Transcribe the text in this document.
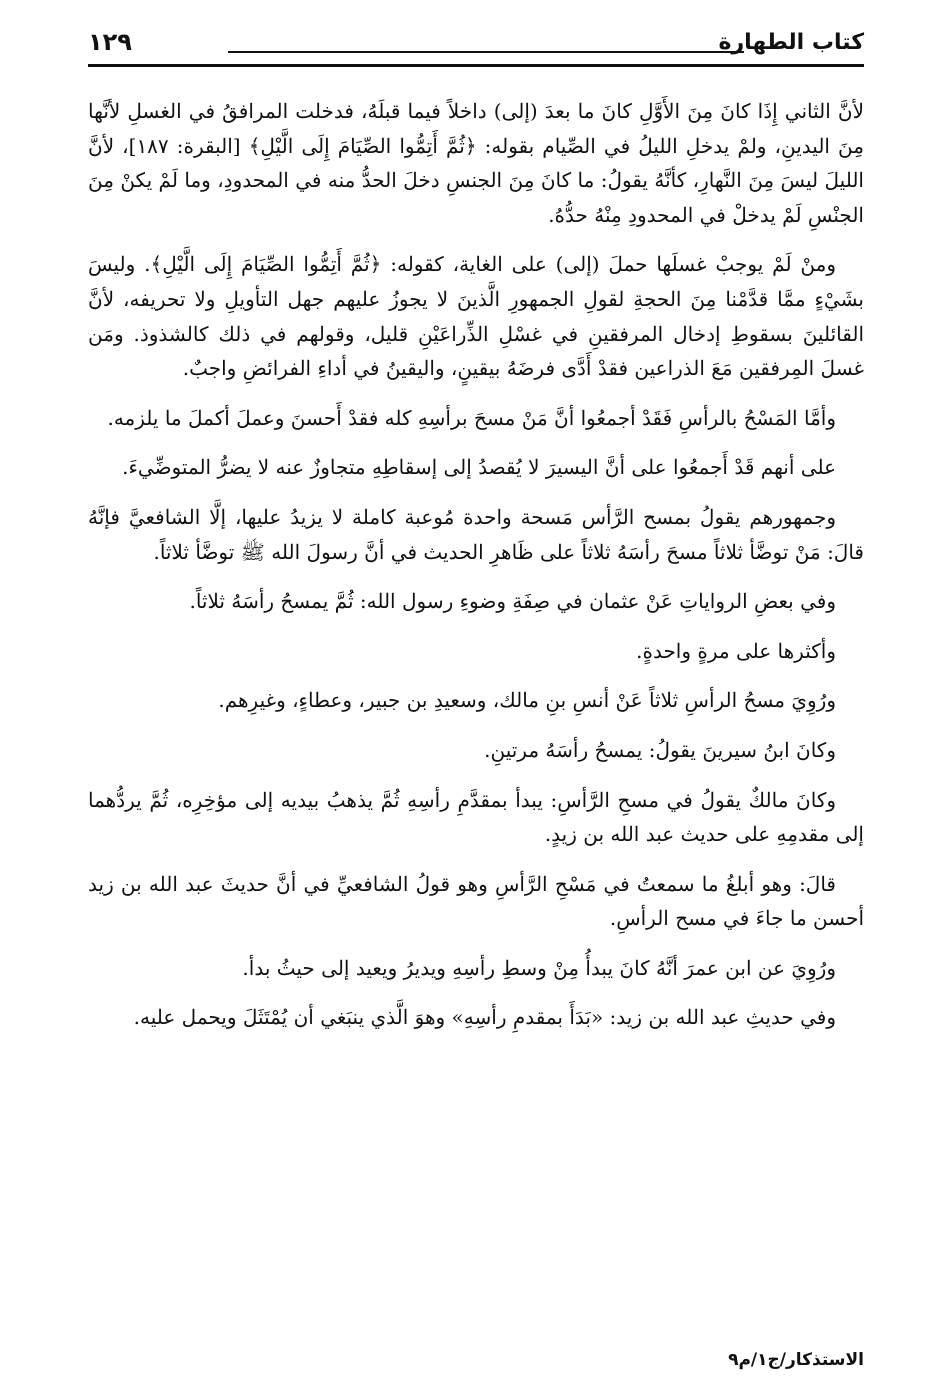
كتاب الطهارة
١٢٩

لأنَّ الثاني إِذَا كانَ مِنَ الأَوَّلِ كانَ ما بعدَ (إلى) داخلاً فيما قبلَهُ، فدخلت المرافقُ في الغسلِ لأنَّها مِنَ اليدينِ، ولمْ يدخلِ الليلُ في الصِّيام بقوله: ﴿ثُمَّ أَتِمُّوا الصِّيَامَ إِلَى الَّيْلِ﴾ [البقرة: ١٨٧]، لأنَّ الليلَ ليسَ مِنَ النَّهارِ، كأنَّهُ يقولُ: ما كانَ مِنَ الجنسِ دخلَ الحدُّ منه في المحدودِ، وما لَمْ يكنْ مِنَ الجنْسِ لَمْ يدخلْ في المحدودِ مِنْهُ حدُّهُ.

ومنْ لَمْ يوجبْ غسلَها حملَ (إلى) على الغاية، كقوله: ﴿ثُمَّ أَتِمُّوا الصِّيَامَ إِلَى الَّيْلِ﴾. وليسَ بشَيْءٍ ممَّا قدَّمْنا مِنَ الحجةِ لقولِ الجمهورِ الَّذينَ لا يجوزُ عليهم جهل التأويلِ ولا تحريفه، لأنَّ القائلينَ بسقوطِ إدخال المرفقينِ في غسْلِ الذِّراعَيْنِ قليل، وقولهم في ذلك كالشذوذ. ومَن غسلَ المِرفقين مَعَ الذراعين فقدْ أَدَّى فرضَهُ بيقينٍ، واليقينُ في أداءِ الفرائضِ واجبٌ.

وأمَّا المَسْحُ بالرأسِ فَقَدْ أجمعُوا أنَّ مَنْ مسحَ برأسِهِ كله فقدْ أَحسنَ وعملَ أكملَ ما يلزمه.

على أنهم قَدْ أَجمعُوا على أنَّ اليسيرَ لا يُقصدُ إلى إسقاطِهِ متجاوزٌ عنه لا يضرُّ المتوضِّيءَ.

وجمهورهم يقولُ بمسح الرَّأس مَسحة واحدة مُوعبة كاملة لا يزيدُ عليها، إلَّا الشافعيَّ فإنَّهُ قالَ: مَنْ توضَّأ ثلاثاً مسحَ رأسَهُ ثلاثاً على ظَاهرِ الحديث في أنَّ رسولَ الله ﷺ توضَّأ ثلاثاً.

وفي بعضِ الرواياتِ عَنْ عثمان في صِفَةِ وضوءِ رسول الله: ثُمَّ يمسحُ رأسَهُ ثلاثاً.

وأكثرها على مرةٍ واحدةٍ.

ورُوِيَ مسحُ الرأسِ ثلاثاً عَنْ أنسِ بنِ مالك، وسعيدِ بن جبير، وعطاءٍ، وغيرِهم.

وكانَ ابنُ سيرينَ يقولُ: يمسحُ رأسَهُ مرتينِ.

وكانَ مالكٌ يقولُ في مسحِ الرَّأسِ: يبدأ بمقدَّمِ رأسِهِ ثُمَّ يذهبُ بيديه إلى مؤخِرِه، ثُمَّ يردُّهما إلى مقدمِهِ على حديث عبد الله بن زيدٍ.

قالَ: وهو أبلغُ ما سمعتُ في مَسْحِ الرَّأسِ وهو قولُ الشافعيِّ في أنَّ حديثَ عبد الله بن زيد أحسن ما جاءَ في مسح الرأسِ.

ورُوِيَ عن ابن عمرَ أنَّهُ كانَ يبدأُ مِنْ وسطِ رأسِهِ ويديرُ ويعيد إلى حيثُ بدأ.

وفي حديثِ عبد الله بن زيد: «بَدَأَ بمقدمِ رأسِهِ» وهوَ الَّذي ينبَغي أن يُمْتَثَلَ ويحمل عليه.

الاستذكار/ج١/م٩
